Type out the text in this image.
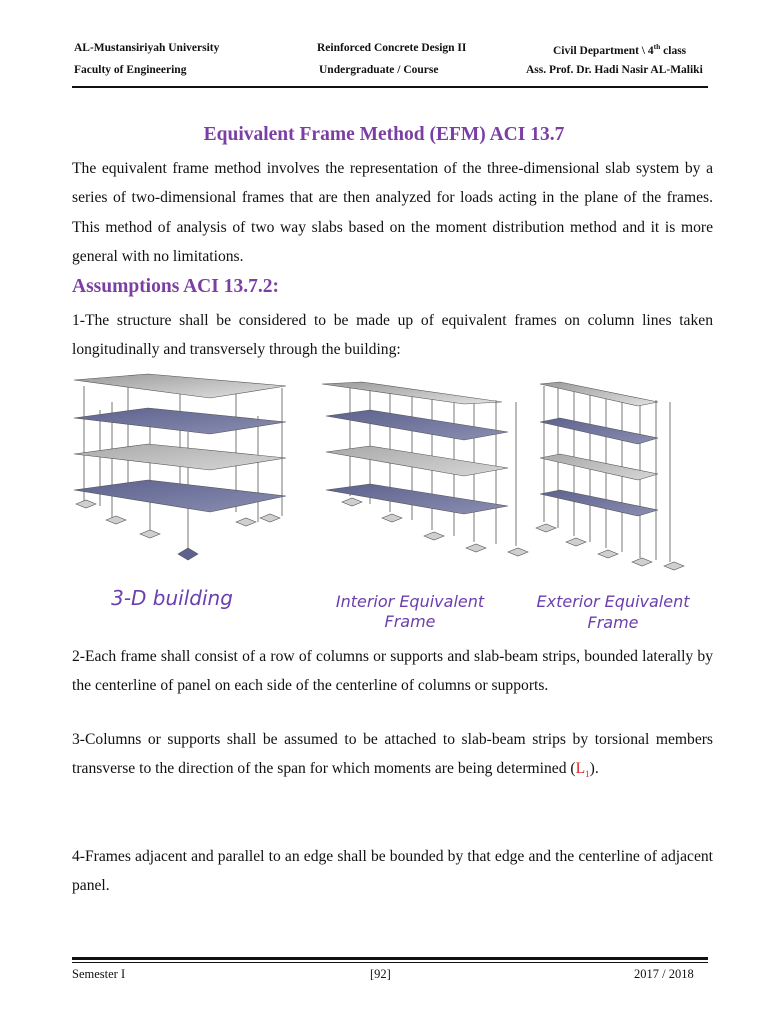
AL-Mustansiriyah University
Faculty of Engineering
Reinforced Concrete Design II
Undergraduate / Course
Civil Department \ 4th class
Ass. Prof. Dr. Hadi Nasir AL-Maliki
Equivalent Frame Method (EFM) ACI 13.7
The equivalent frame method involves the representation of the three-dimensional slab system by a series of two-dimensional frames that are then analyzed for loads acting in the plane of the frames. This method of analysis of two way slabs based on the moment distribution method and it is more general with no limitations.
Assumptions ACI 13.7.2:
1-The structure shall be considered to be made up of equivalent frames on column lines taken longitudinally and transversely through the building:
3-D building	Interior Equivalent
Frame
Exterior Equivalent
Frame
2-Each frame shall consist of a row of columns or supports and slab-beam strips, bounded laterally by the centerline of panel on each side of the centerline of columns or supports.
3-Columns or supports shall be assumed to be attached to slab-beam strips by torsional members transverse to the direction of the span for which moments are being determined $(L_1)$.
4-Frames adjacent and parallel to an edge shall be bounded by that edge and the centerline of adjacent panel.
Semester I	[92]	2017 / 2018
